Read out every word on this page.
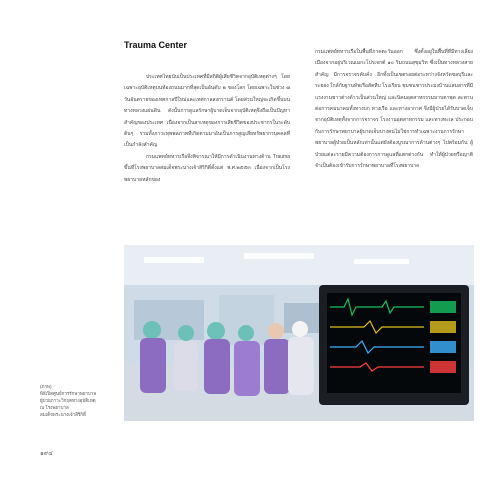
Trauma Center

ประเทศไทยนับเป็นประเทศที่มีสถิติผู้เสียชีวิตจากอุบัติเหตุต่างๆ โดยเฉพาะอุบัติเหตุบนท้องถนนมากที่สุดเป็นอันดับ ๒ ของโลก โดยเฉพาะในช่วง ๗ วันอันตรายของเทศกาลปีใหม่และเทศกาลสงกรานต์ โดยส่วนใหญ่จะเกิดขึ้นบนทางหลวงแผ่นดิน ดังนั้นการดูแลรักษาผู้บาดเจ็บจากอุบัติเหตุจึงถือเป็นปัญหาสำคัญของประเทศ เนื่องจากเป็นสาเหตุของการเสียชีวิตของประชากรในระดับต้นๆ รวมทั้งภาวะทุพพลภาพที่เกิดตามมาอันเป็นการสูญเสียทรัพยากรบุคคลที่เป็นกำลังสำคัญ

กรมแพทย์ทหารเรือจึงพิจารณาให้มีการดำเนินงานทางด้าน Trauma ขึ้นที่โรงพยาบาลสมเด็จพระนางเจ้าสิริกิติ์ตั้งแต่ พ.ศ.๒๕๕๓ เนื่องจากเป็นโรงพยาบาลหลักของ

กรมแพทย์ทหารเรือในพื้นที่ภาคตะวันออก ซึ่งตั้งอยู่ในพื้นที่ที่มีทางเลี่ยงเมืองจากอยู่บริเวณเมกะโปรเจกต์ ๑๐ ริมถนนสุขุมวิท ซึ่งเป็นทางหลวงสายสำคัญ มีการจราจรคับคั่ง อีกทั้งเป็นเขตรอยต่อระหว่างจังหวัดชลบุรีและระยอง ใกล้กับฐานทัพเรือสัตหีบ โรงเรียน ชุมชนชาวประมงบ้านแสมสารที่มีแรงงานชาวต่างด้าวเป็นส่วนใหญ่ และนิคมอุตสาหกรรมมาบตาพุด สะพานต่อการคมนาคมทั้งทางบก ทางเรือ และทางอากาศ จึงมีผู้ป่วยได้รับบาดเจ็บจากอุบัติเหตุทั้งจากการจราจร โรงงานอุตสาหกรรม และทางทะเล ประกอบกับการรักษาพยาบาลผู้บาดเจ็บบางคนไม่ใช่การทำเฉพาะงานการรักษาพยาบาลผู้ป่วยเป็นหลักเท่านั้นแต่ยังต้องบูรณาการด้านต่างๆ ไปพร้อมกัน ผู้ป่วยแต่ละรายมีความต้องการการดูแลที่แตกต่างกัน ทำให้ผู้ป่วยหรือญาติจำเป็นต้องเข้ารับการรักษาพยาบาลที่โรงพยาบาล

(ภาพ)
พิธีเปิดศูนย์การรักษาพยาบาล
ผู้ป่วยภาวะวิกฤตทางอุบัติเหตุ
ณ โรงพยาบาล
สมเด็จพระนางเจ้าสิริกิติ์
๑๙๔
